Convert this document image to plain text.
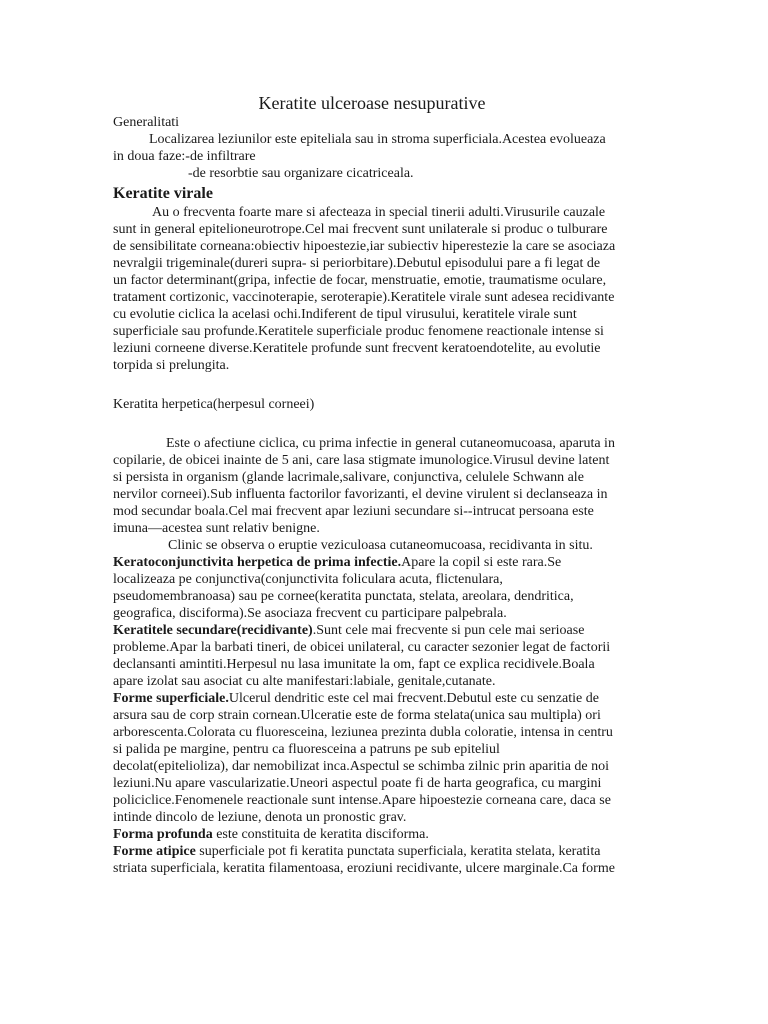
Keratite ulceroase nesupurative
Generalitati
Localizarea leziunilor este epiteliala sau in stroma superficiala.Acestea evolueaza
in doua faze:-de infiltrare
-de resorbtie sau organizare cicatriceala.
Keratite virale
Au o frecventa foarte mare si afecteaza in special tinerii adulti.Virusurile cauzale
sunt in general epitelioneurotrope.Cel mai frecvent sunt unilaterale si produc o tulburare
de sensibilitate corneana:obiectiv hipoestezie,iar subiectiv hiperestezie la care se asociaza
nevralgii trigeminale(dureri supra- si periorbitare).Debutul episodului pare a fi legat de
un factor determinant(gripa, infectie de focar, menstruatie, emotie, traumatisme oculare,
tratament cortizonic, vaccinoterapie, seroterapie).Keratitele virale sunt adesea recidivante
cu evolutie ciclica la acelasi ochi.Indiferent de tipul virusului, keratitele virale sunt
superficiale sau profunde.Keratitele superficiale produc fenomene reactionale intense si
leziuni corneene diverse.Keratitele profunde sunt frecvent keratoendotelite, au evolutie
torpida si prelungita.
Keratita herpetica(herpesul corneei)
Este o afectiune ciclica, cu prima infectie in general cutaneomucoasa, aparuta in
copilarie, de obicei inainte de 5 ani, care lasa stigmate imunologice.Virusul devine latent
si persista in organism (glande lacrimale,salivare, conjunctiva, celulele Schwann ale
nervilor corneei).Sub influenta factorilor favorizanti, el devine virulent si declanseaza in
mod secundar boala.Cel mai frecvent apar leziuni secundare si--intrucat persoana este
imuna—acestea sunt relativ benigne.
Clinic se observa o eruptie veziculoasa cutaneomucoasa, recidivanta in situ.
Keratoconjunctivita herpetica de prima infectie.Apare la copil si este rara.Se
localizeaza pe conjunctiva(conjunctivita foliculara acuta, flictenulara,
pseudomembranoasa) sau pe cornee(keratita punctata, stelata, areolara, dendritica,
geografica, disciforma).Se asociaza frecvent cu participare palpebrala.
Keratitele secundare(recidivante).Sunt cele mai frecvente si pun cele mai serioase
probleme.Apar la barbati tineri, de obicei unilateral, cu caracter sezonier legat de factorii
declansanti amintiti.Herpesul nu lasa imunitate la om, fapt ce explica recidivele.Boala
apare izolat sau asociat cu alte manifestari:labiale, genitale,cutanate.
Forme superficiale.Ulcerul dendritic este cel mai frecvent.Debutul este cu senzatie de
arsura sau de corp strain cornean.Ulceratie este de forma stelata(unica sau multipla) ori
arborescenta.Colorata cu fluoresceina, leziunea prezinta dubla coloratie, intensa in centru
si palida pe margine, pentru ca fluoresceina a patruns pe sub epiteliul
decolat(epitelioliza), dar nemobilizat inca.Aspectul se schimba zilnic prin aparitia de noi
leziuni.Nu apare vascularizatie.Uneori aspectul poate fi de harta geografica, cu margini
policiclice.Fenomenele reactionale sunt intense.Apare hipoestezie corneana care, daca se
intinde dincolo de leziune, denota un pronostic grav.
Forma profunda este constituita de keratita disciforma.
Forme atipice superficiale pot fi keratita punctata superficiala, keratita stelata, keratita
striata superficiala, keratita filamentoasa, eroziuni recidivante, ulcere marginale.Ca forme
